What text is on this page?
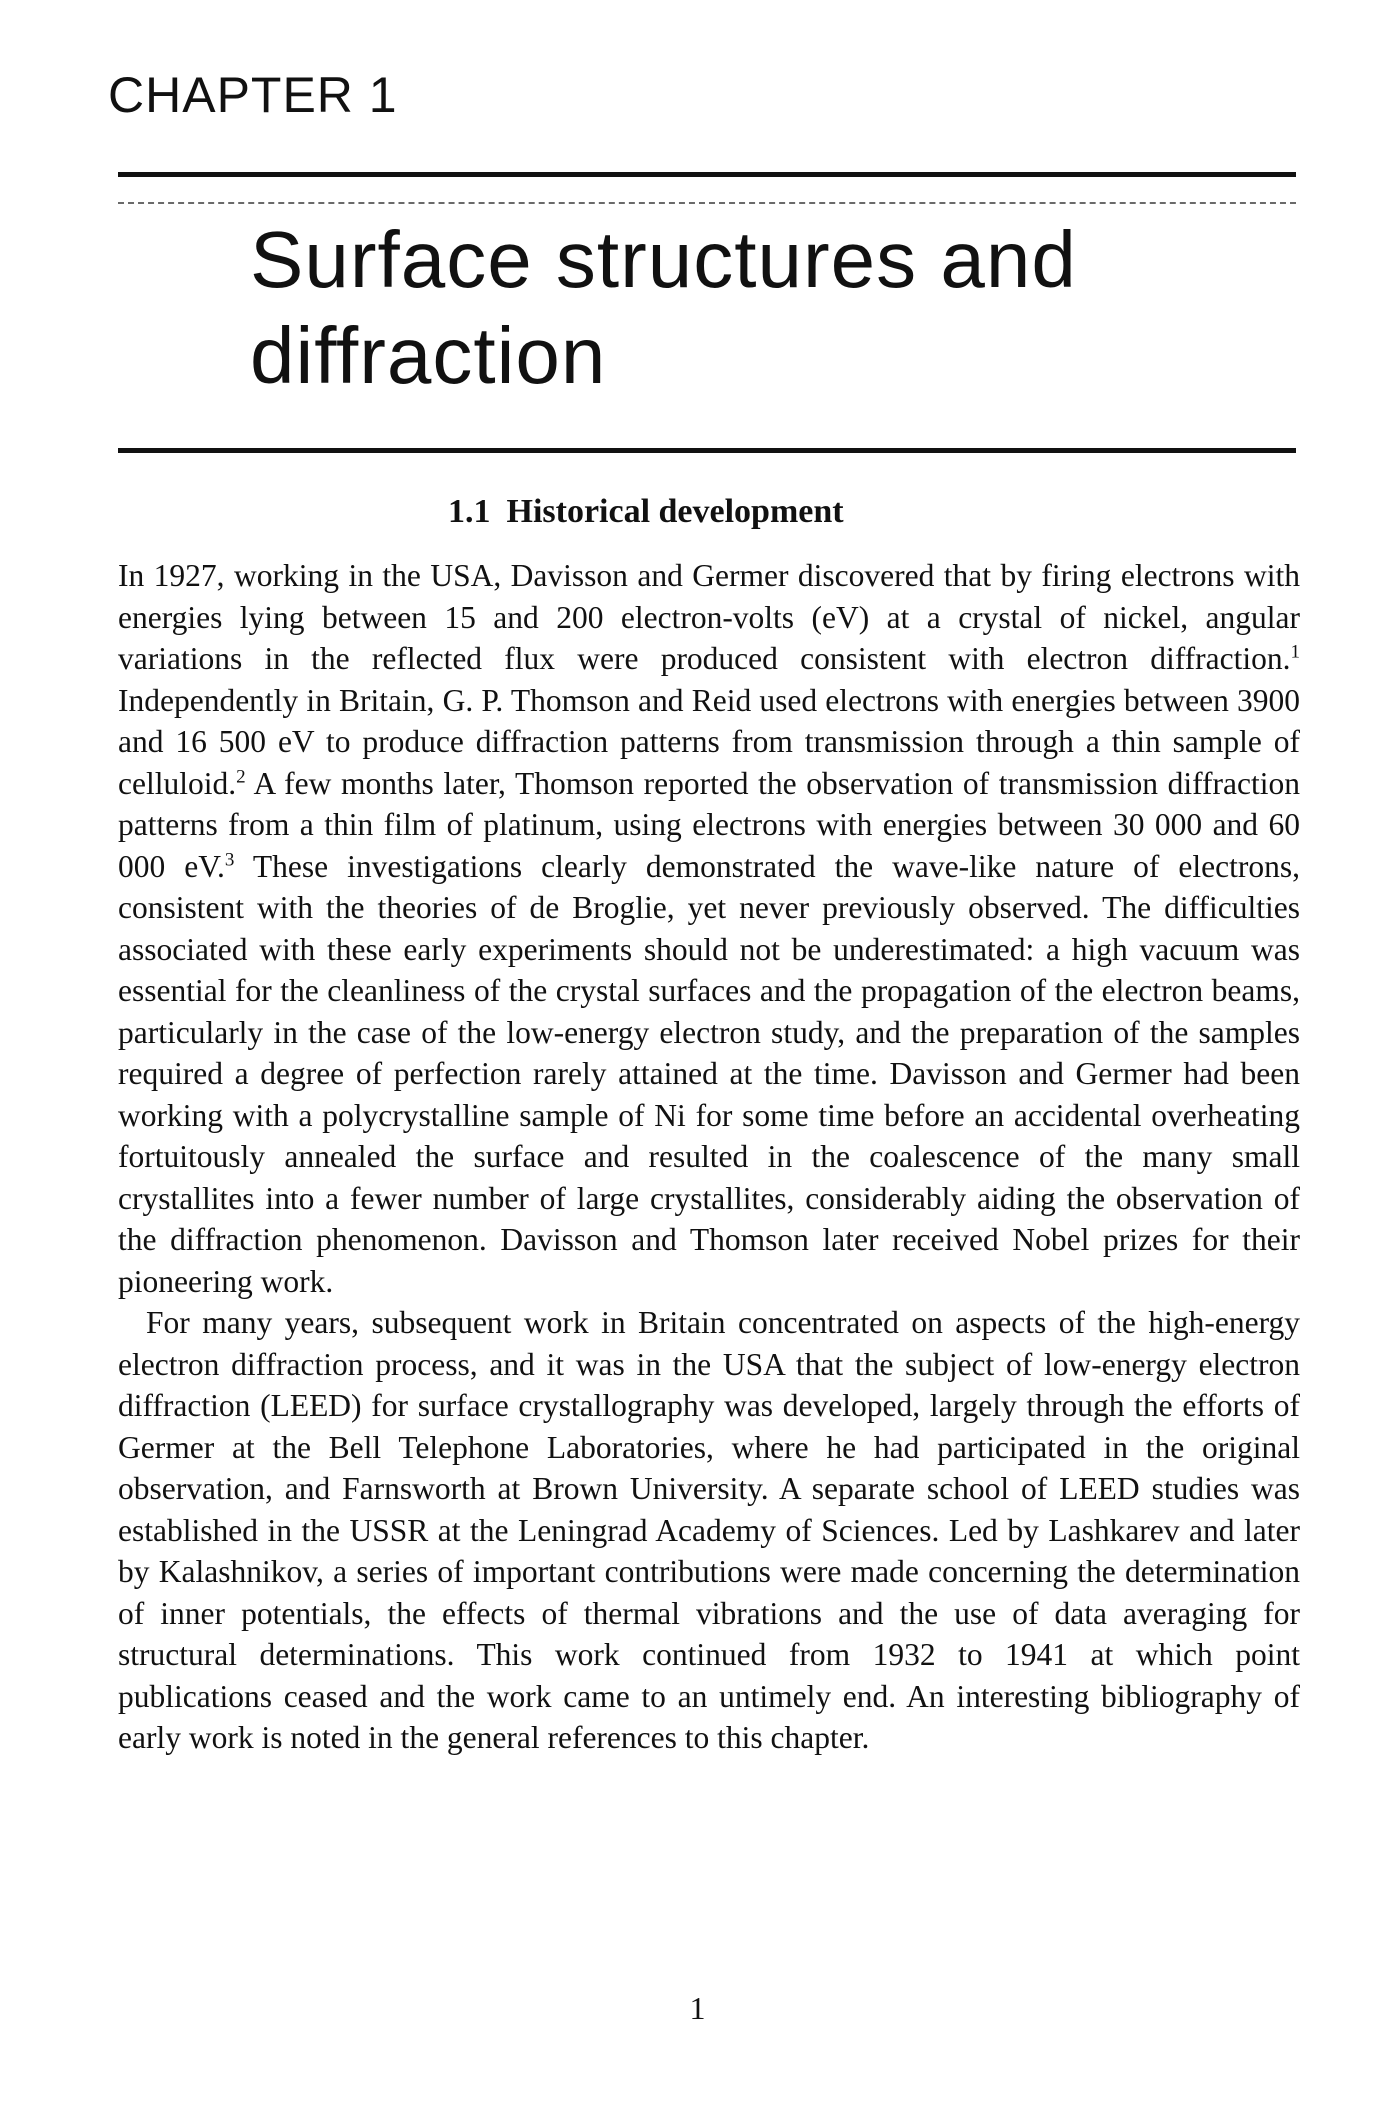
CHAPTER 1
Surface structures and diffraction
1.1 Historical development

In 1927, working in the USA, Davisson and Germer discovered that by firing electrons with energies lying between 15 and 200 electron-volts (eV) at a crystal of nickel, angular variations in the reflected flux were produced consistent with electron diffraction.$^1$ Independently in Britain, G. P. Thomson and Reid used electrons with energies between 3900 and 16 500 eV to produce diffraction patterns from transmission through a thin sample of celluloid.$^2$ A few months later, Thomson reported the observation of transmission diffraction patterns from a thin film of platinum, using electrons with energies between 30 000 and 60 000 eV.$^3$ These investigations clearly demonstrated the wave-like nature of electrons, consistent with the theories of de Broglie, yet never previously observed. The difficulties associated with these early experiments should not be underestimated: a high vacuum was essential for the cleanliness of the crystal surfaces and the propagation of the electron beams, particularly in the case of the low-energy electron study, and the preparation of the samples required a degree of perfection rarely attained at the time. Davisson and Germer had been working with a polycrystalline sample of Ni for some time before an accidental overheating fortuitously annealed the surface and resulted in the coalescence of the many small crystallites into a fewer number of large crystallites, considerably aiding the observation of the diffraction phenomenon. Davisson and Thomson later received Nobel prizes for their pioneering work.

For many years, subsequent work in Britain concentrated on aspects of the high-energy electron diffraction process, and it was in the USA that the subject of low-energy electron diffraction (LEED) for surface crystallography was developed, largely through the efforts of Germer at the Bell Telephone Laboratories, where he had participated in the original observation, and Farnsworth at Brown University. A separate school of LEED studies was established in the USSR at the Leningrad Academy of Sciences. Led by Lashkarev and later by Kalashnikov, a series of important contributions were made concerning the determination of inner potentials, the effects of thermal vibrations and the use of data averaging for structural determinations. This work continued from 1932 to 1941 at which point publications ceased and the work came to an untimely end. An interesting bibliography of early work is noted in the general references to this chapter.

1
